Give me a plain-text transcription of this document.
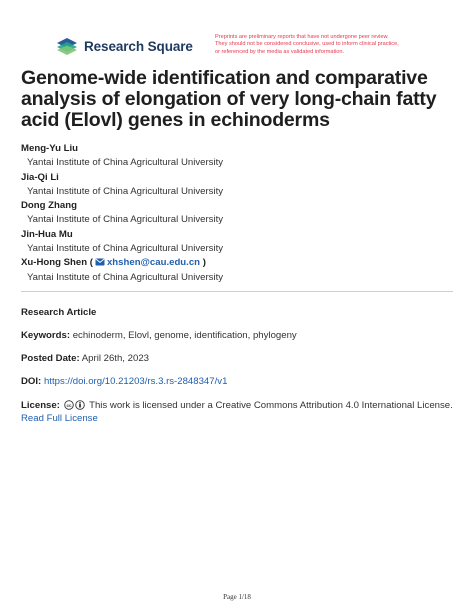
Research Square
Preprints are preliminary reports that have not undergone peer review.
They should not be considered conclusive, used to inform clinical practice,
or referenced by the media as validated information.
Genome-wide identification and comparative analysis of elongation of very long-chain fatty acid (Elovl) genes in echinoderms
Meng-Yu Liu
Yantai Institute of China Agricultural University
Jia-Qi Li
Yantai Institute of China Agricultural University
Dong Zhang
Yantai Institute of China Agricultural University
Jin-Hua Mu
Yantai Institute of China Agricultural University
Xu-Hong Shen ( xhshen@cau.edu.cn )
Yantai Institute of China Agricultural University
Research Article
Keywords: echinoderm, Elovl, genome, identification, phylogeny
Posted Date: April 26th, 2023
DOI: https://doi.org/10.21203/rs.3.rs-2848347/v1
License: cc This work is licensed under a Creative Commons Attribution 4.0 International License.
Read Full License
Page 1/18
